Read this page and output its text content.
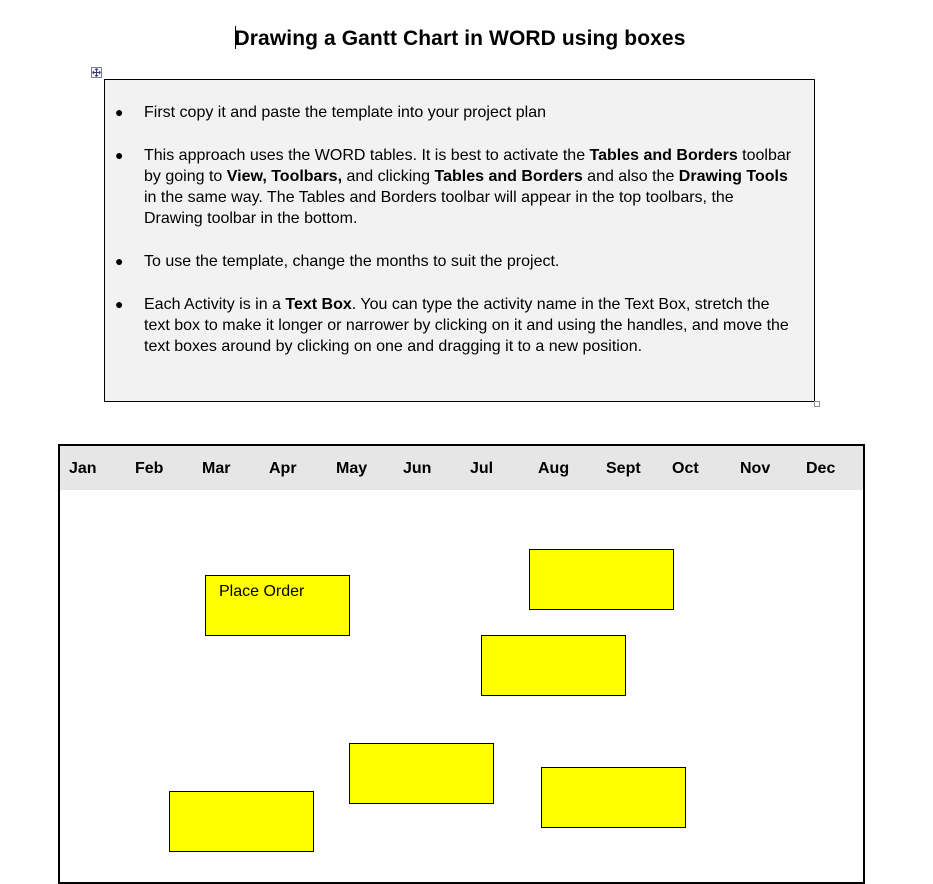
Drawing a Gantt Chart in WORD using boxes
● First copy it and paste the template into your project plan
● This approach uses the WORD tables. It is best to activate the Tables and Borders toolbar by going to View, Toolbars, and clicking Tables and Borders and also the Drawing Tools in the same way. The Tables and Borders toolbar will appear in the top toolbars, the Drawing toolbar in the bottom.
● To use the template, change the months to suit the project.
● Each Activity is in a Text Box. You can type the activity name in the Text Box, stretch the text box to make it longer or narrower by clicking on it and using the handles, and move the text boxes around by clicking on one and dragging it to a new position.
Jan Feb Mar Apr May Jun Jul	Aug Sept Oct	Nov Dec
Place Order
